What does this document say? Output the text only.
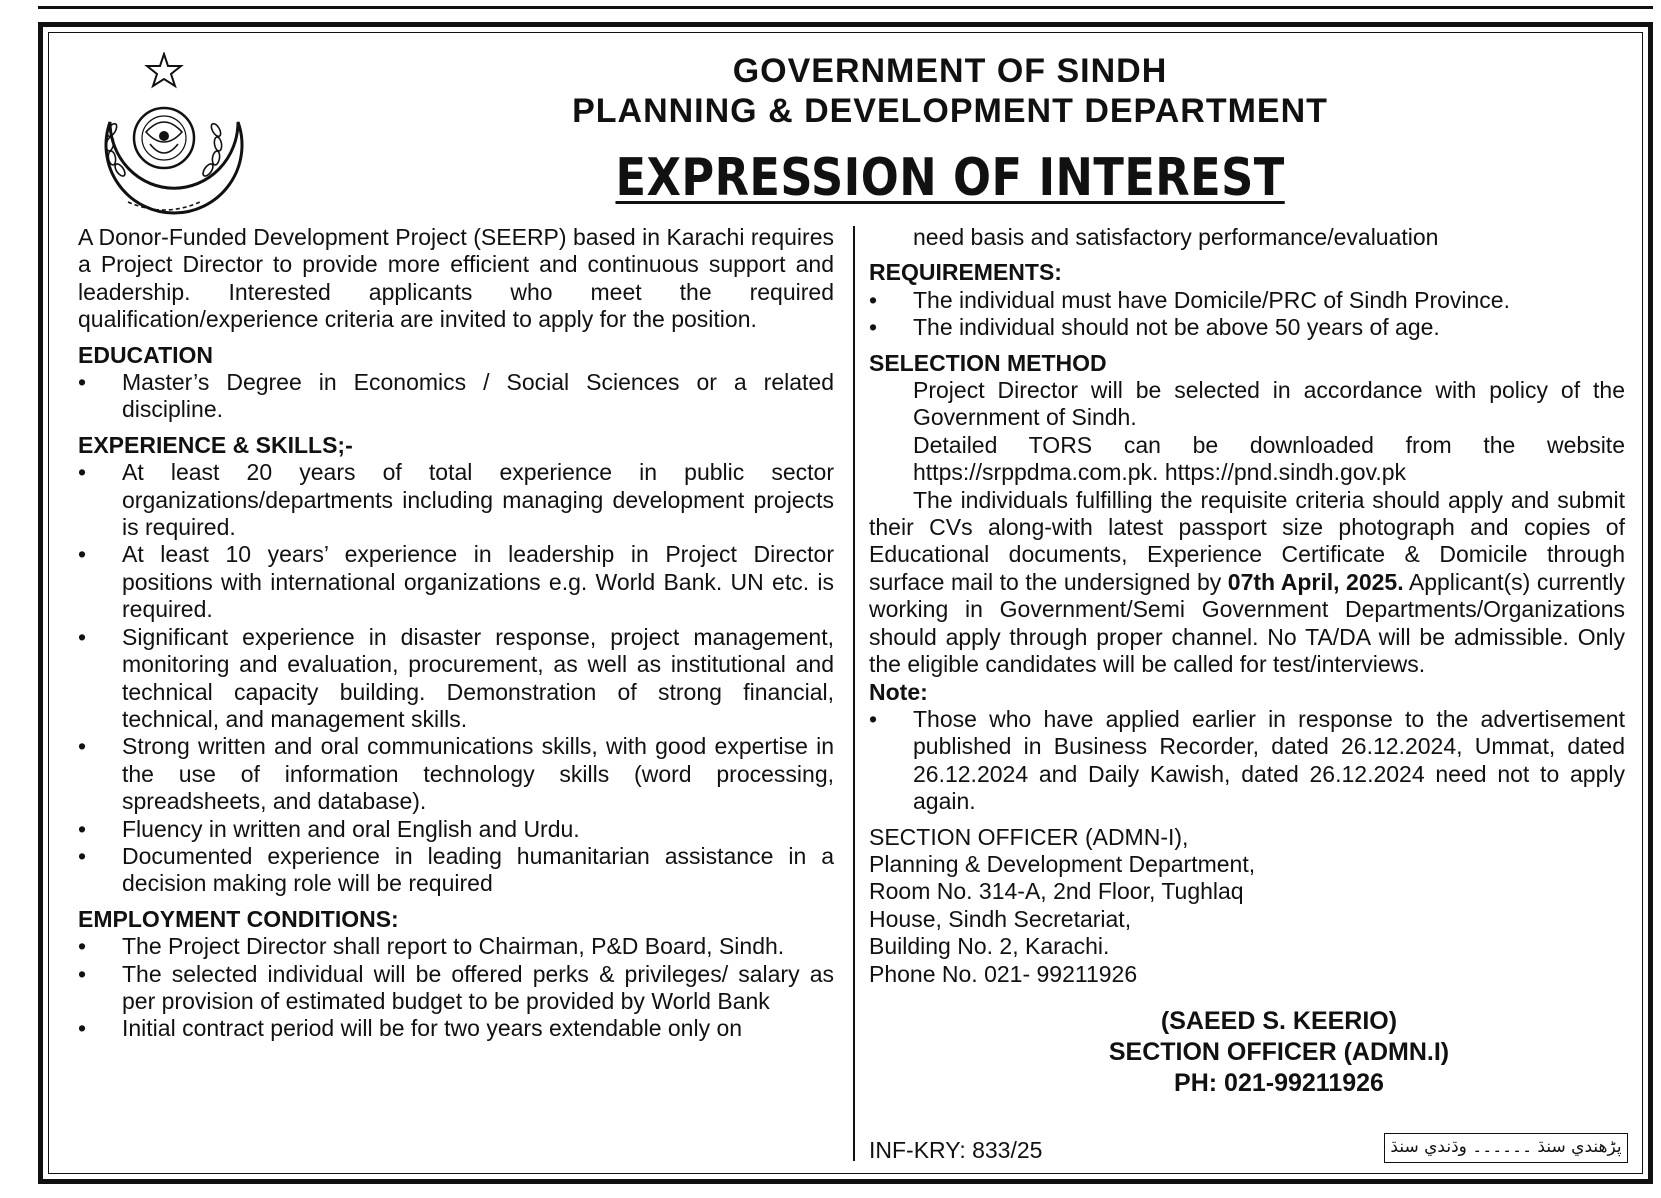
GOVERNMENT OF SINDH
PLANNING & DEVELOPMENT DEPARTMENT
EXPRESSION OF INTEREST

A Donor-Funded Development Project (SEERP) based in Karachi requires a Project Director to provide more efficient and continuous support and leadership. Interested applicants who meet the required qualification/experience criteria are invited to apply for the position.

EDUCATION
• Master’s Degree in Economics / Social Sciences or a related discipline.
EXPERIENCE & SKILLS;-
• At least 20 years of total experience in public sector organizations/departments including managing development projects is required.
• At least 10 years’ experience in leadership in Project Director positions with international organizations e.g. World Bank. UN etc. is required.
• Significant experience in disaster response, project management, monitoring and evaluation, procurement, as well as institutional and technical capacity building. Demonstration of strong financial, technical, and management skills.
• Strong written and oral communications skills, with good expertise in the use of information technology skills (word processing, spreadsheets, and database).
• Fluency in written and oral English and Urdu.
• Documented experience in leading humanitarian assistance in a decision making role will be required
EMPLOYMENT CONDITIONS:
• The Project Director shall report to Chairman, P&D Board, Sindh.
• The selected individual will be offered perks & privileges/ salary as per provision of estimated budget to be provided by World Bank
• Initial contract period will be for two years extendable only on

need basis and satisfactory performance/evaluation

REQUIREMENTS:
• The individual must have Domicile/PRC of Sindh Province.
• The individual should not be above 50 years of age.
SELECTION METHOD

Project Director will be selected in accordance with policy of the Government of Sindh.

Detailed TORS can be downloaded from the website https://srppdma.com.pk. https://pnd.sindh.gov.pk

The individuals fulfilling the requisite criteria should apply and submit their CVs along-with latest passport size photograph and copies of Educational documents, Experience Certificate & Domicile through surface mail to the undersigned by 07th April, 2025. Applicant(s) currently working in Government/Semi Government Departments/Organizations should apply through proper channel. No TA/DA will be admissible. Only the eligible candidates will be called for test/interviews.

Note:
• Those who have applied earlier in response to the advertisement published in Business Recorder, dated 26.12.2024, Ummat, dated 26.12.2024 and Daily Kawish, dated 26.12.2024 need not to apply again.
SECTION OFFICER (ADMN-I),
Planning & Development Department,
Room No. 314-A, 2nd Floor, Tughlaq
House, Sindh Secretariat,
Building No. 2, Karachi.
Phone No. 021- 99211926
(SAEED S. KEERIO)
SECTION OFFICER (ADMN.I)
PH: 021-99211926
INF-KRY: 833/25	پڑھندي سنڌ ۔۔۔۔۔۔ وڌندي سنڌ
